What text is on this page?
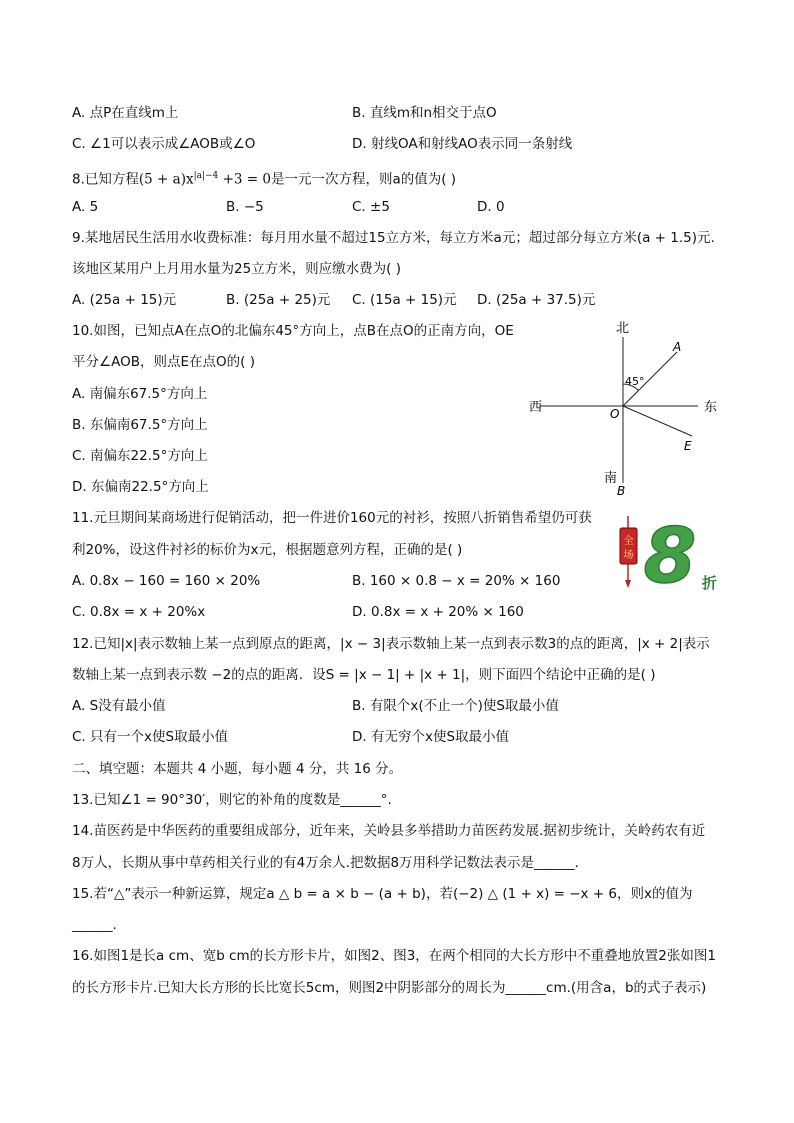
A. 点P在直线m上	B. 直线m和n相交于点O
C. ∠1可以表示成∠AOB或∠O	D. 射线OA和射线AO表示同一条射线
8.已知方程$(5 + a)x^{|a|-4} +3 = 0$是一元一次方程，则a的值为( )
A. 5	B. −5	C. ±5	D. 0
9.某地居民生活用水收费标准：每月用水量不超过15立方米，每立方米a元；超过部分每立方米(a + 1.5)元.
该地区某用户上月用水量为25立方米，则应缴水费为( )
A. (25a + 15)元	B. (25a + 25)元 C. (15a + 15)元 D. (25a + 37.5)元
10.如图，已知点A在点O的北偏东45°方向上，点B在点O的正南方向，OE
平分∠AOB，则点E在点O的( )
A. 南偏东67.5°方向上
B. 东偏南67.5°方向上
C. 南偏东22.5°方向上
D. 东偏南22.5°方向上
北
西	东
南
A
O
E
B
45°
11.元旦期间某商场进行促销活动，把一件进价160元的衬衫，按照八折销售希望仍可获
利20%，设这件衬衫的标价为x元，根据题意列方程，正确的是( )
A. 0.8x − 160 = 160 × 20%	B. 160 × 0.8 − x = 20% × 160
C. 0.8x = x + 20%x	D. 0.8x = x + 20% × 160
全
场 8 折
12.已知|x|表示数轴上某一点到原点的距离，|x − 3|表示数轴上某一点到表示数3的点的距离，|x + 2|表示
数轴上某一点到表示数 −2的点的距离．设S = |x − 1| + |x + 1|，则下面四个结论中正确的是( )
A. S没有最小值	B. 有限个x(不止一个)使S取最小值
C. 只有一个x使S取最小值	D. 有无穷个x使S取最小值
二、填空题：本题共 4 小题，每小题 4 分，共 16 分。
13.已知∠1 = 90°30′，则它的补角的度数是______°.
14.苗医药是中华医药的重要组成部分，近年来，关岭县多举措助力苗医药发展.据初步统计，关岭药农有近
8万人，长期从事中草药相关行业的有4万余人.把数据8万用科学记数法表示是______.
15.若“△”表示一种新运算，规定a △ b = a × b − (a + b)，若(−2) △ (1 + x) = −x + 6，则x的值为
______.
16.如图1是长a cm、宽b cm的长方形卡片，如图2、图3，在两个相同的大长方形中不重叠地放置2张如图1
的长方形卡片.已知大长方形的长比宽长5cm，则图2中阴影部分的周长为______cm.(用含a，b的式子表示)
